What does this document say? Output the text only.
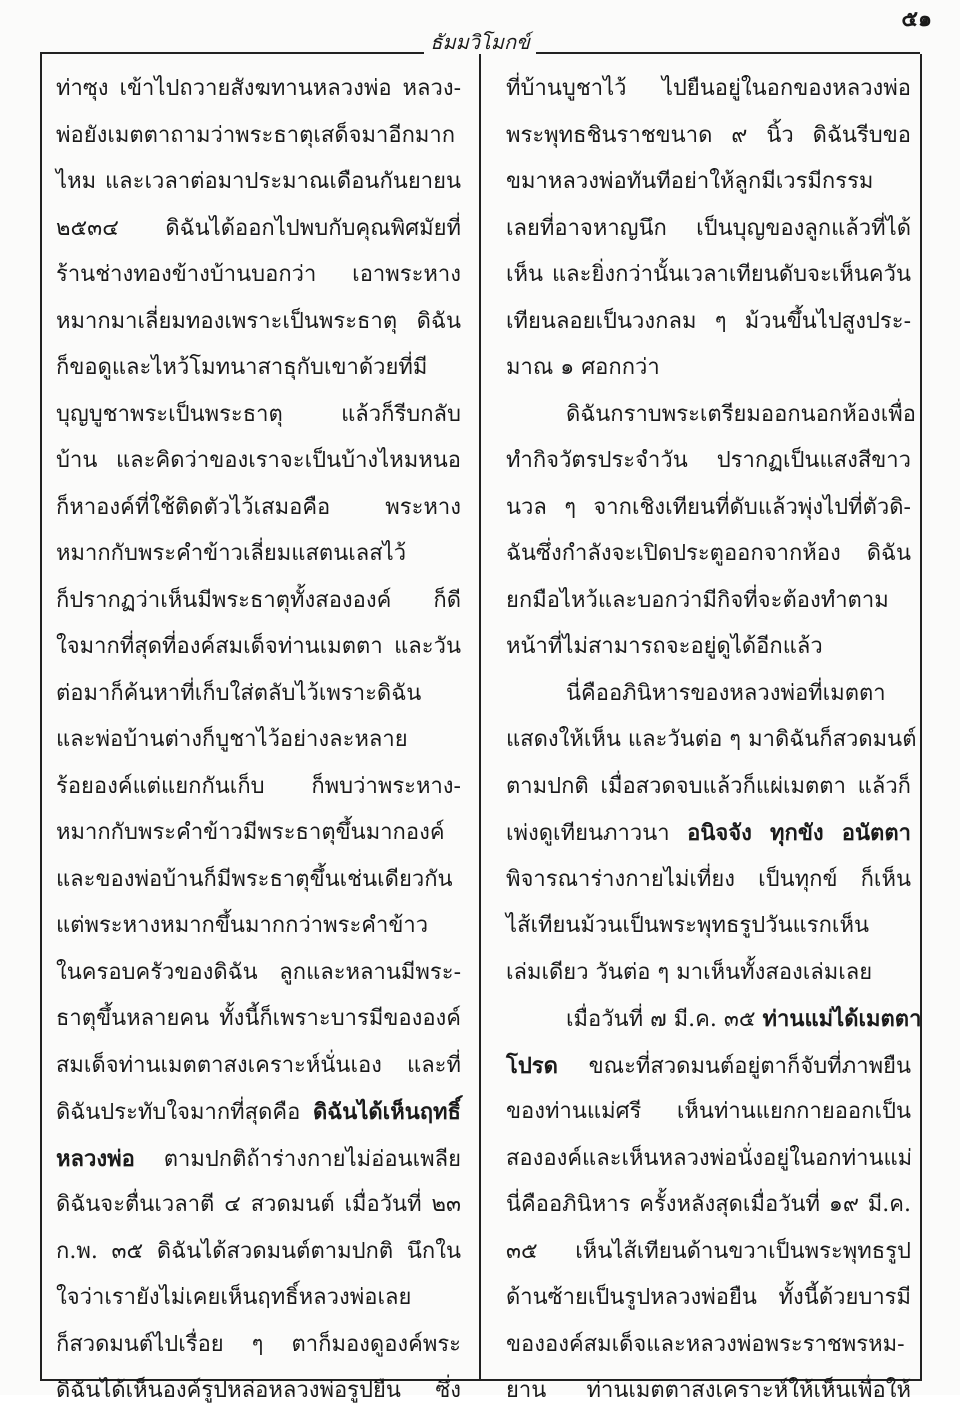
ธัมมวิโมกข์
๕๑
ท่าซุง เข้าไปถวายสังฆทานหลวงพ่อ หลวง-
พ่อยังเมตตาถามว่าพระธาตุเสด็จมาอีกมาก
ไหม และเวลาต่อมาประมาณเดือนกันยายน
๒๕๓๔ ดิฉันได้ออกไปพบกับคุณพิศมัยที่
ร้านช่างทองข้างบ้านบอกว่า เอาพระหาง
หมากมาเลี่ยมทองเพราะเป็นพระธาตุ ดิฉัน
ก็ขอดูและไหว้โมทนาสาธุกับเขาด้วยที่มี
บุญบูชาพระเป็นพระธาตุ แล้วก็รีบกลับ
บ้าน และคิดว่าของเราจะเป็นบ้างไหมหนอ
ก็หาองค์ที่ใช้ติดตัวไว้เสมอคือ พระหาง
หมากกับพระคำข้าวเลี่ยมแสตนเลสไว้
ก็ปรากฏว่าเห็นมีพระธาตุทั้งสององค์ ก็ดี
ใจมากที่สุดที่องค์สมเด็จท่านเมตตา และวัน
ต่อมาก็ค้นหาที่เก็บใส่ตลับไว้เพราะดิฉัน
และพ่อบ้านต่างก็บูชาไว้อย่างละหลาย
ร้อยองค์แต่แยกกันเก็บ ก็พบว่าพระหาง-
หมากกับพระคำข้าวมีพระธาตุขึ้นมากองค์
และของพ่อบ้านก็มีพระธาตุขึ้นเช่นเดียวกัน
แต่พระหางหมากขึ้นมากกว่าพระคำข้าว
ในครอบครัวของดิฉัน ลูกและหลานมีพระ-
ธาตุขึ้นหลายคน ทั้งนี้ก็เพราะบารมีขององค์
สมเด็จท่านเมตตาสงเคราะห์นั่นเอง และที่
ดิฉันประทับใจมากที่สุดคือ ดิฉันได้เห็นฤทธิ์
หลวงพ่อ ตามปกติถ้าร่างกายไม่อ่อนเพลีย
ดิฉันจะตื่นเวลาตี ๔ สวดมนต์ เมื่อวันที่ ๒๓
ก.พ. ๓๕ ดิฉันได้สวดมนต์ตามปกติ นึกใน
ใจว่าเรายังไม่เคยเห็นฤทธิ์หลวงพ่อเลย
ก็สวดมนต์ไปเรื่อย ๆ ตาก็มองดูองค์พระ
ดิฉันได้เห็นองค์รูปหล่อหลวงพ่อรูปยืน ซึ่ง
ที่บ้านบูชาไว้ ไปยืนอยู่ในอกของหลวงพ่อ
พระพุทธชินราชขนาด ๙ นิ้ว ดิฉันรีบขอ
ขมาหลวงพ่อทันทีอย่าให้ลูกมีเวรมีกรรม
เลยที่อาจหาญนึก เป็นบุญของลูกแล้วที่ได้
เห็น และยิ่งกว่านั้นเวลาเทียนดับจะเห็นควัน
เทียนลอยเป็นวงกลม ๆ ม้วนขึ้นไปสูงประ-
มาณ ๑ ศอกกว่า
ดิฉันกราบพระเตรียมออกนอกห้องเพื่อ
ทำกิจวัตรประจำวัน ปรากฏเป็นแสงสีขาว
นวล ๆ จากเชิงเทียนที่ดับแล้วพุ่งไปที่ตัวดิ-
ฉันซึ่งกำลังจะเปิดประตูออกจากห้อง ดิฉัน
ยกมือไหว้และบอกว่ามีกิจที่จะต้องทำตาม
หน้าที่ไม่สามารถจะอยู่ดูได้อีกแล้ว
นี่คืออภินิหารของหลวงพ่อที่เมตตา
แสดงให้เห็น และวันต่อ ๆ มาดิฉันก็สวดมนต์
ตามปกติ เมื่อสวดจบแล้วก็แผ่เมตตา แล้วก็
เพ่งดูเทียนภาวนา อนิจจัง ทุกขัง อนัตตา
พิจารณาร่างกายไม่เที่ยง เป็นทุกข์ ก็เห็น
ไส้เทียนม้วนเป็นพระพุทธรูปวันแรกเห็น
เล่มเดียว วันต่อ ๆ มาเห็นทั้งสองเล่มเลย
เมื่อวันที่ ๗ มี.ค. ๓๕ ท่านแม่ได้เมตตา
โปรด ขณะที่สวดมนต์อยู่ตาก็จับที่ภาพยืน
ของท่านแม่ศรี เห็นท่านแยกกายออกเป็น
สององค์และเห็นหลวงพ่อนั่งอยู่ในอกท่านแม่
นี่คืออภินิหาร ครั้งหลังสุดเมื่อวันที่ ๑๙ มี.ค.
๓๕ เห็นไส้เทียนด้านขวาเป็นพระพุทธรูป
ด้านซ้ายเป็นรูปหลวงพ่อยืน ทั้งนี้ด้วยบารมี
ขององค์สมเด็จและหลวงพ่อพระราชพรหม-
ยาน ท่านเมตตาสงเคราะห์ให้เห็นเพื่อให้
